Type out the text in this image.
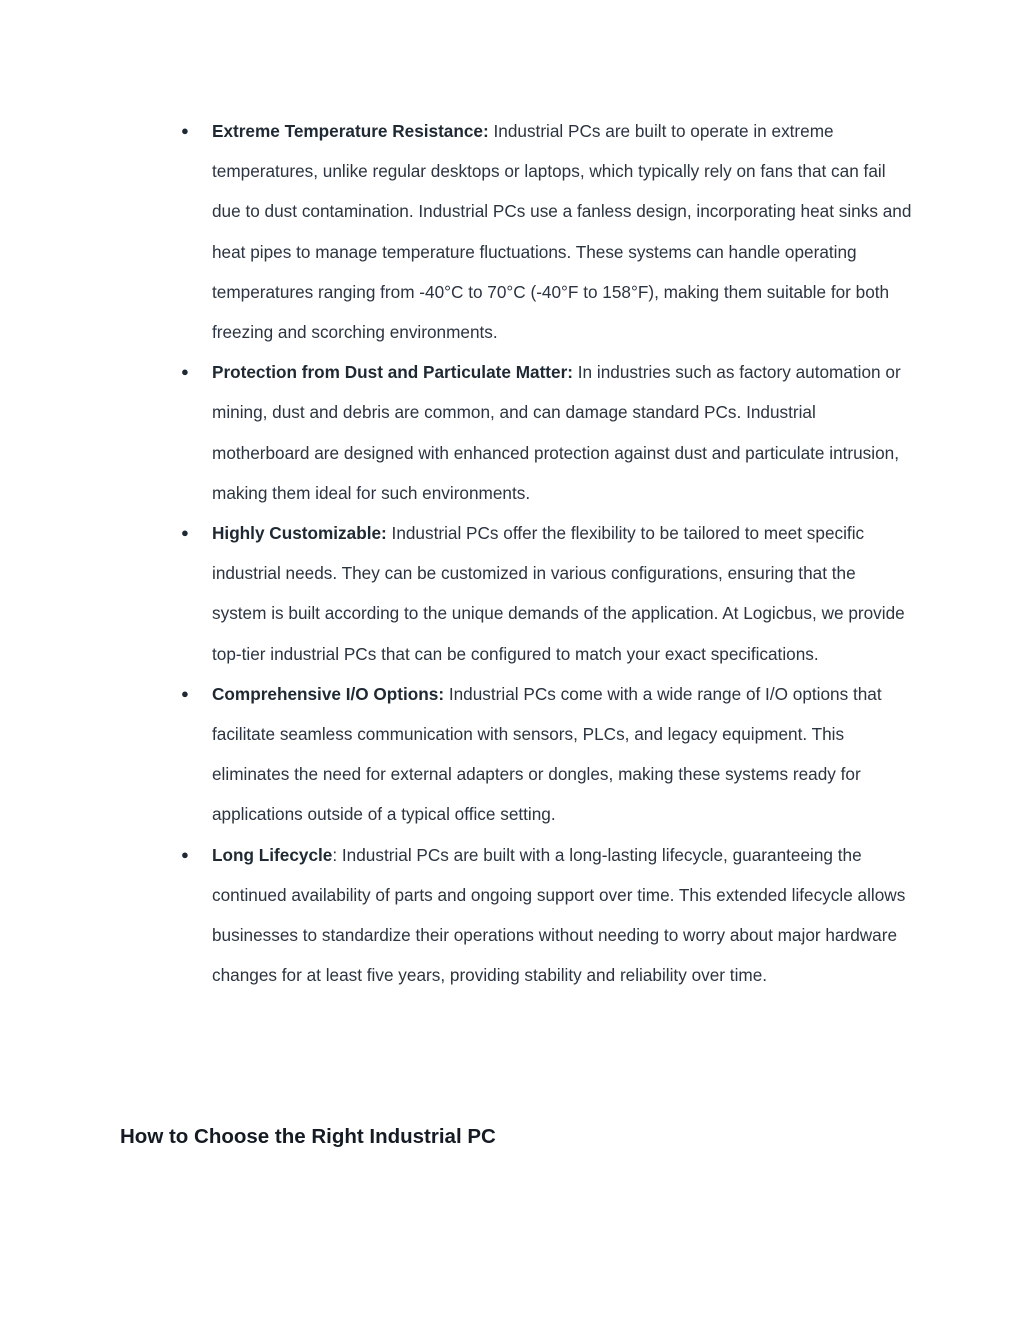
● Extreme Temperature Resistance: Industrial PCs are built to operate in extreme temperatures, unlike regular desktops or laptops, which typically rely on fans that can fail due to dust contamination. Industrial PCs use a fanless design, incorporating heat sinks and heat pipes to manage temperature fluctuations. These systems can handle operating temperatures ranging from -40°C to 70°C (-40°F to 158°F), making them suitable for both freezing and scorching environments.
● Protection from Dust and Particulate Matter: In industries such as factory automation or mining, dust and debris are common, and can damage standard PCs. Industrial motherboard are designed with enhanced protection against dust and particulate intrusion, making them ideal for such environments.
● Highly Customizable: Industrial PCs offer the flexibility to be tailored to meet specific industrial needs. They can be customized in various configurations, ensuring that the system is built according to the unique demands of the application. At Logicbus, we provide top-tier industrial PCs that can be configured to match your exact specifications.
● Comprehensive I/O Options: Industrial PCs come with a wide range of I/O options that facilitate seamless communication with sensors, PLCs, and legacy equipment. This eliminates the need for external adapters or dongles, making these systems ready for applications outside of a typical office setting.
● Long Lifecycle: Industrial PCs are built with a long-lasting lifecycle, guaranteeing the continued availability of parts and ongoing support over time. This extended lifecycle allows businesses to standardize their operations without needing to worry about major hardware changes for at least five years, providing stability and reliability over time.
How to Choose the Right Industrial PC
